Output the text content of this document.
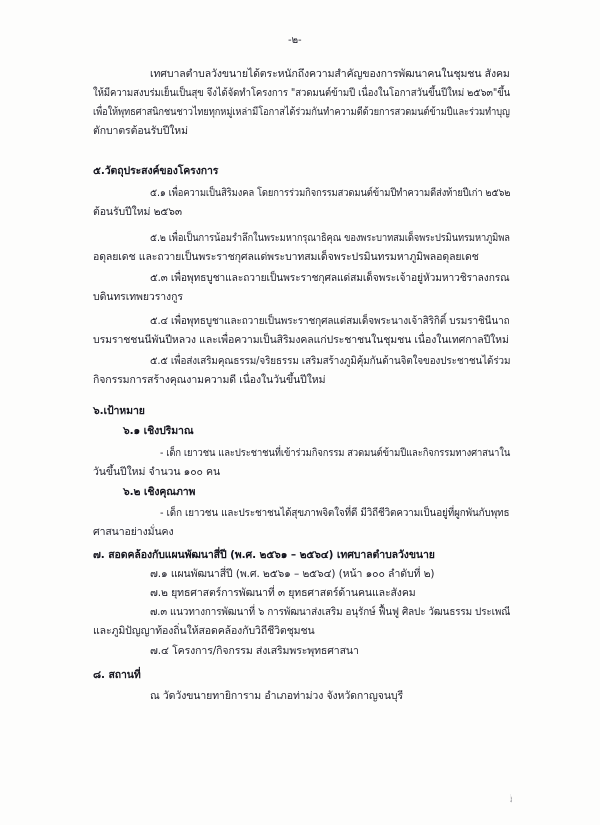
-๒-
เทศบาลตำบลวังขนายได้ตระหนักถึงความสำคัญของการพัฒนาคนในชุมชน สังคม
ให้มีความสงบร่มเย็นเป็นสุข จึงได้จัดทำโครงการ "สวดมนต์ข้ามปี เนื่องในโอกาสวันขึ้นปีใหม่ ๒๕๖๓"ขึ้น
เพื่อให้พุทธศาสนิกชนชาวไทยทุกหมู่เหล่ามีโอกาสได้ร่วมกันทำความดีด้วยการสวดมนต์ข้ามปีและร่วมทำบุญ
ตักบาตรต้อนรับปีใหม่
๕.วัตถุประสงค์ของโครงการ
๕.๑ เพื่อความเป็นสิริมงคล โดยการร่วมกิจกรรมสวดมนต์ข้ามปีทำความดีส่งท้ายปีเก่า ๒๕๖๒
ต้อนรับปีใหม่ ๒๕๖๓
๕.๒ เพื่อเป็นการน้อมรำลึกในพระมหากรุณาธิคุณ ของพระบาทสมเด็จพระปรมินทรมหาภูมิพล
อดุลยเดช และถวายเป็นพระราชกุศลแด่พระบาทสมเด็จพระปรมินทรมหาภูมิพลอดุลยเดช
๕.๓ เพื่อพุทธบูชาและถวายเป็นพระราชกุศลแด่สมเด็จพระเจ้าอยู่หัวมหาวชิราลงกรณ
บดินทรเทพยวรางกูร
๕.๔ เพื่อพุทธบูชาและถวายเป็นพระราชกุศลแด่สมเด็จพระนางเจ้าสิริกิติ์ บรมราชินีนาถ
บรมราชชนนีพันปีหลวง และเพื่อความเป็นสิริมงคลแก่ประชาชนในชุมชน เนื่องในเทศกาลปีใหม่
๕.๕ เพื่อส่งเสริมคุณธรรม/จริยธรรม เสริมสร้างภูมิคุ้มกันด้านจิตใจของประชาชนได้ร่วม
กิจกรรมการสร้างคุณงามความดี เนื่องในวันขึ้นปีใหม่
๖.เป้าหมาย
๖.๑ เชิงปริมาณ
- เด็ก เยาวชน และประชาชนที่เข้าร่วมกิจกรรม สวดมนต์ข้ามปีและกิจกรรมทางศาสนาใน
วันขึ้นปีใหม่ จำนวน ๑๐๐ คน
๖.๒ เชิงคุณภาพ
- เด็ก เยาวชน และประชาชนได้สุขภาพจิตใจที่ดี มีวิถีชีวิตความเป็นอยู่ที่ผูกพันกับพุทธ
ศาสนาอย่างมั่นคง
๗. สอดคล้องกับแผนพัฒนาสี่ปี (พ.ศ. ๒๕๖๑ – ๒๕๖๔) เทศบาลตำบลวังขนาย
๗.๑ แผนพัฒนาสี่ปี (พ.ศ. ๒๕๖๑ – ๒๕๖๔) (หน้า ๑๐๐ ลำดับที่ ๒)
๗.๒ ยุทธศาสตร์การพัฒนาที่ ๓ ยุทธศาสตร์ด้านคนและสังคม
๗.๓ แนวทางการพัฒนาที่ ๖ การพัฒนาส่งเสริม อนุรักษ์ ฟื้นฟู ศิลปะ วัฒนธรรม ประเพณี
และภูมิปัญญาท้องถิ่นให้สอดคล้องกับวิถีชีวิตชุมชน
๗.๔ โครงการ/กิจกรรม ส่งเสริมพระพุทธศาสนา
๘. สถานที่
ณ วัดวังขนายทายิการาม อำเภอท่าม่วง จังหวัดกาญจนบุรี
๙./...
